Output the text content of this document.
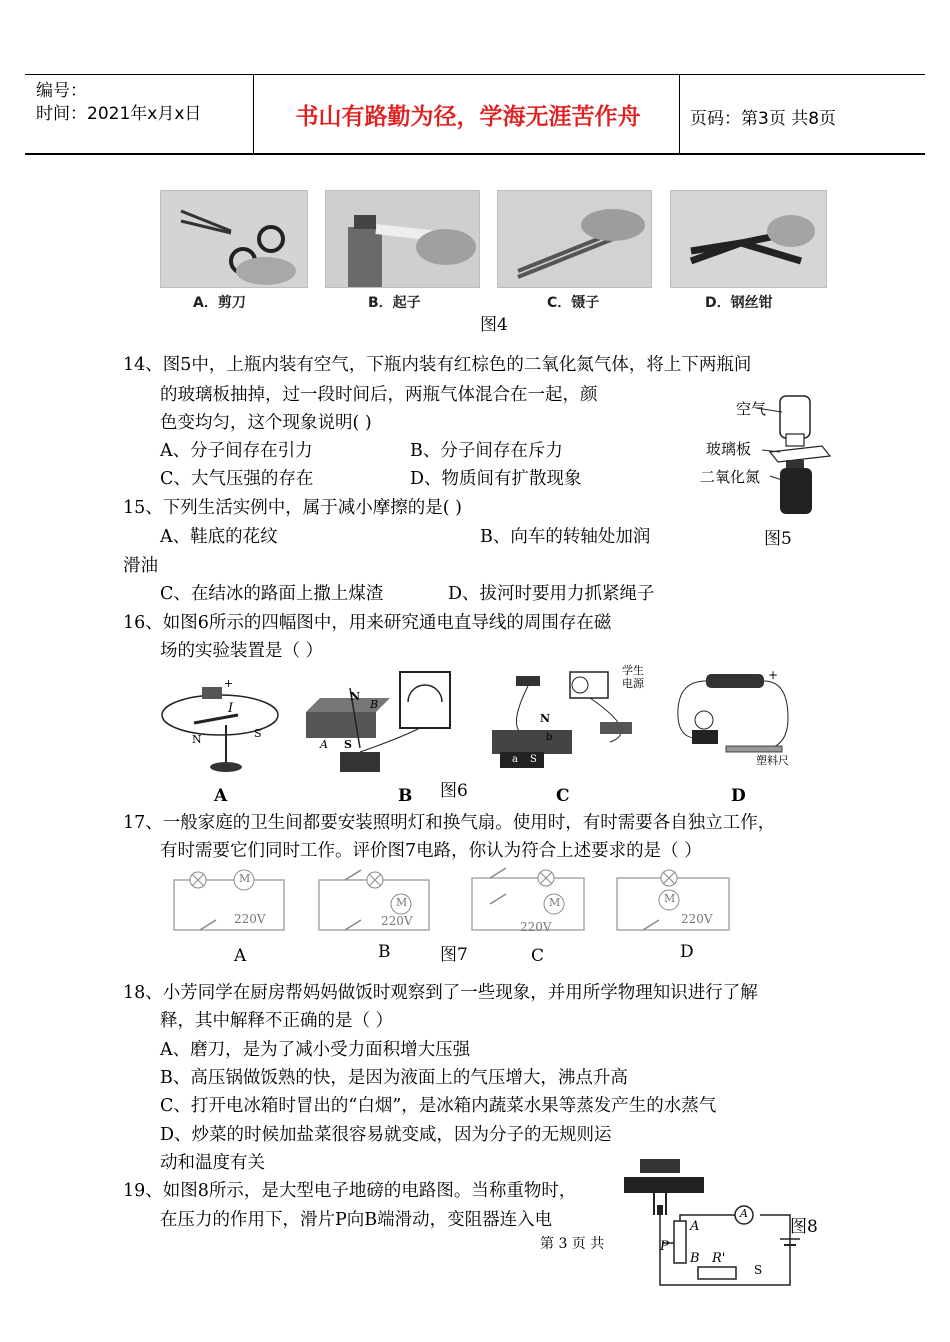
编号：
时间：2021年x月x日	书山有路勤为径，学海无涯苦作舟	页码：第3页 共8页
A．剪刀	B．起子	C．镊子	D．钢丝钳
图4
14、图5中，上瓶内装有空气，下瓶内装有红棕色的二氧化氮气体，将上下两瓶间
的玻璃板抽掉，过一段时间后，两瓶气体混合在一起，颜
色变均匀，这个现象说明( )
A、分子间存在引力	B、分子间存在斥力
C、大气压强的存在	D、物质间有扩散现象
空气
玻璃板
二氧化氮
图5
15、下列生活实例中，属于减小摩擦的是( )
A、鞋底的花纹	B、向车的转轴处加润
滑油
C、在结冰的路面上撒上煤渣	D、拔河时要用力抓紧绳子
16、如图6所示的四幅图中，用来研究通电直导线的周围存在磁
场的实验装置是（ ）
+
I
N	S
N
B
A S
学生
电源
N
b
a S
+
塑料尺
图6
A	B	C	D
17、一般家庭的卫生间都要安装照明灯和换气扇。使用时，有时需要各自独立工作，
有时需要它们同时工作。评价图7电路，你认为符合上述要求的是（ ）
M
220V
M
220V
M
220V
M
220V
A	B	图7	C	D
18、小芳同学在厨房帮妈妈做饭时观察到了一些现象，并用所学物理知识进行了解
释，其中解释不正确的是（ ）
A、磨刀，是为了减小受力面积增大压强
B、高压锅做饭熟的快，是因为液面上的气压增大，沸点升高
C、打开电冰箱时冒出的“白烟”，是冰箱内蔬菜水果等蒸发产生的水蒸气
D、炒菜的时候加盐菜很容易就变咸，因为分子的无规则运
动和温度有关
19、如图8所示，是大型电子地磅的电路图。当称重物时，
在压力的作用下，滑片P向B端滑动，变阻器连入电	A
A
P
B R'
S
图8
第 3 页 共
